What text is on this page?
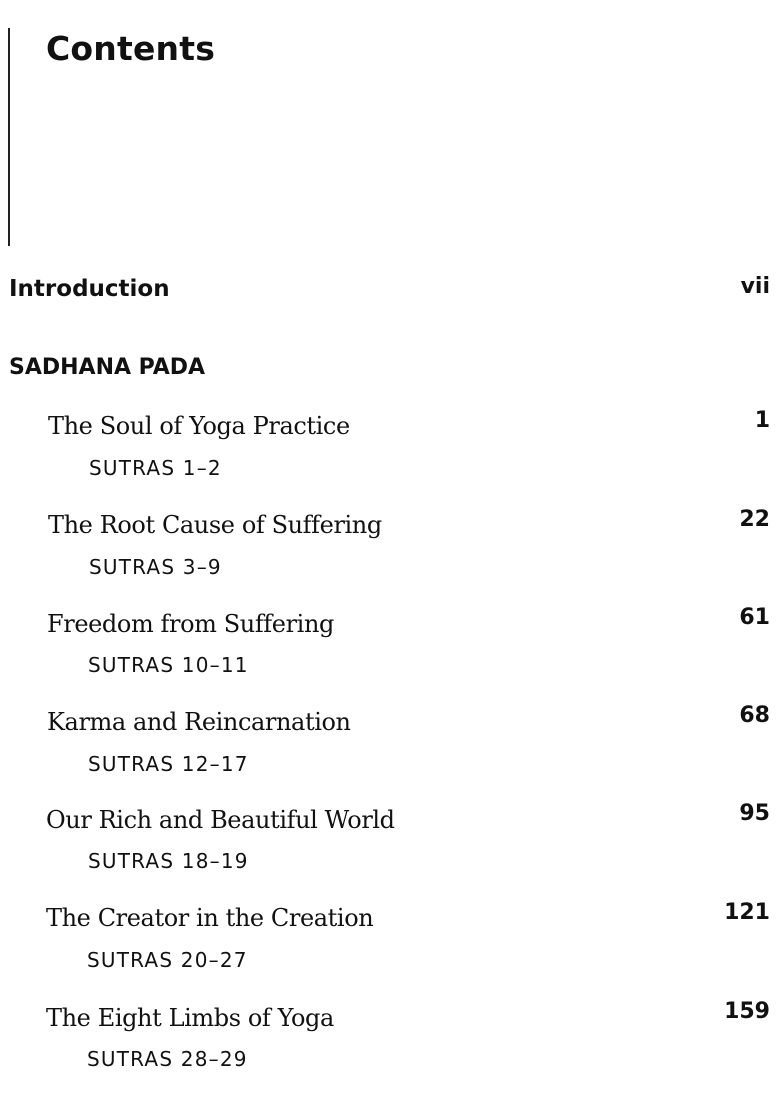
Contents
Introduction	vii
SADHANA PADA
The Soul of Yoga Practice
SUTRAS 1–2
1
The Root Cause of Suffering
SUTRAS 3–9
22
Freedom from Suffering
SUTRAS 10–11
61
Karma and Reincarnation
SUTRAS 12–17
68
Our Rich and Beautiful World
SUTRAS 18–19
95
The Creator in the Creation
SUTRAS 20–27
121
The Eight Limbs of Yoga
SUTRAS 28–29
159
